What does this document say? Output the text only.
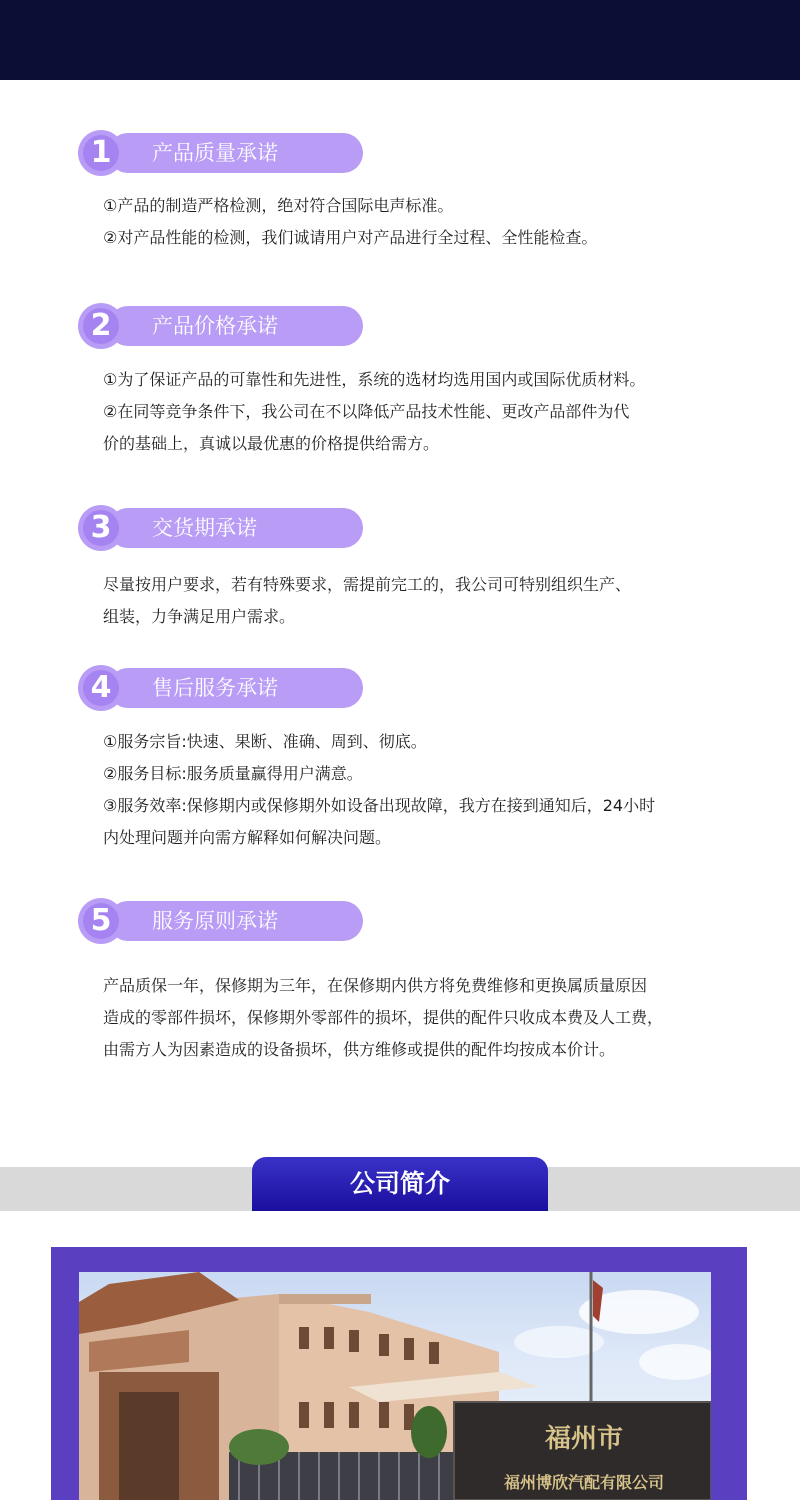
1	产品质量承诺
①产品的制造严格检测，绝对符合国际电声标准。
②对产品性能的检测，我们诚请用户对产品进行全过程、全性能检查。
2	产品价格承诺
①为了保证产品的可靠性和先进性，系统的选材均选用国内或国际优质材料。
②在同等竞争条件下，我公司在不以降低产品技术性能、更改产品部件为代
价的基础上，真诚以最优惠的价格提供给需方。
3	交货期承诺
尽量按用户要求，若有特殊要求，需提前完工的，我公司可特别组织生产、
组装，力争满足用户需求。
4	售后服务承诺
①服务宗旨:快速、果断、准确、周到、彻底。
②服务目标:服务质量赢得用户满意。
③服务效率:保修期内或保修期外如设备出现故障，我方在接到通知后，24小时
内处理问题并向需方解释如何解决问题。
5	服务原则承诺
产品质保一年，保修期为三年，在保修期内供方将免费维修和更换属质量原因
造成的零部件损坏，保修期外零部件的损坏，提供的配件只收成本费及人工费，
由需方人为因素造成的设备损坏，供方维修或提供的配件均按成本价计。
公司简介
福州市
福州博欣汽配有限公司
